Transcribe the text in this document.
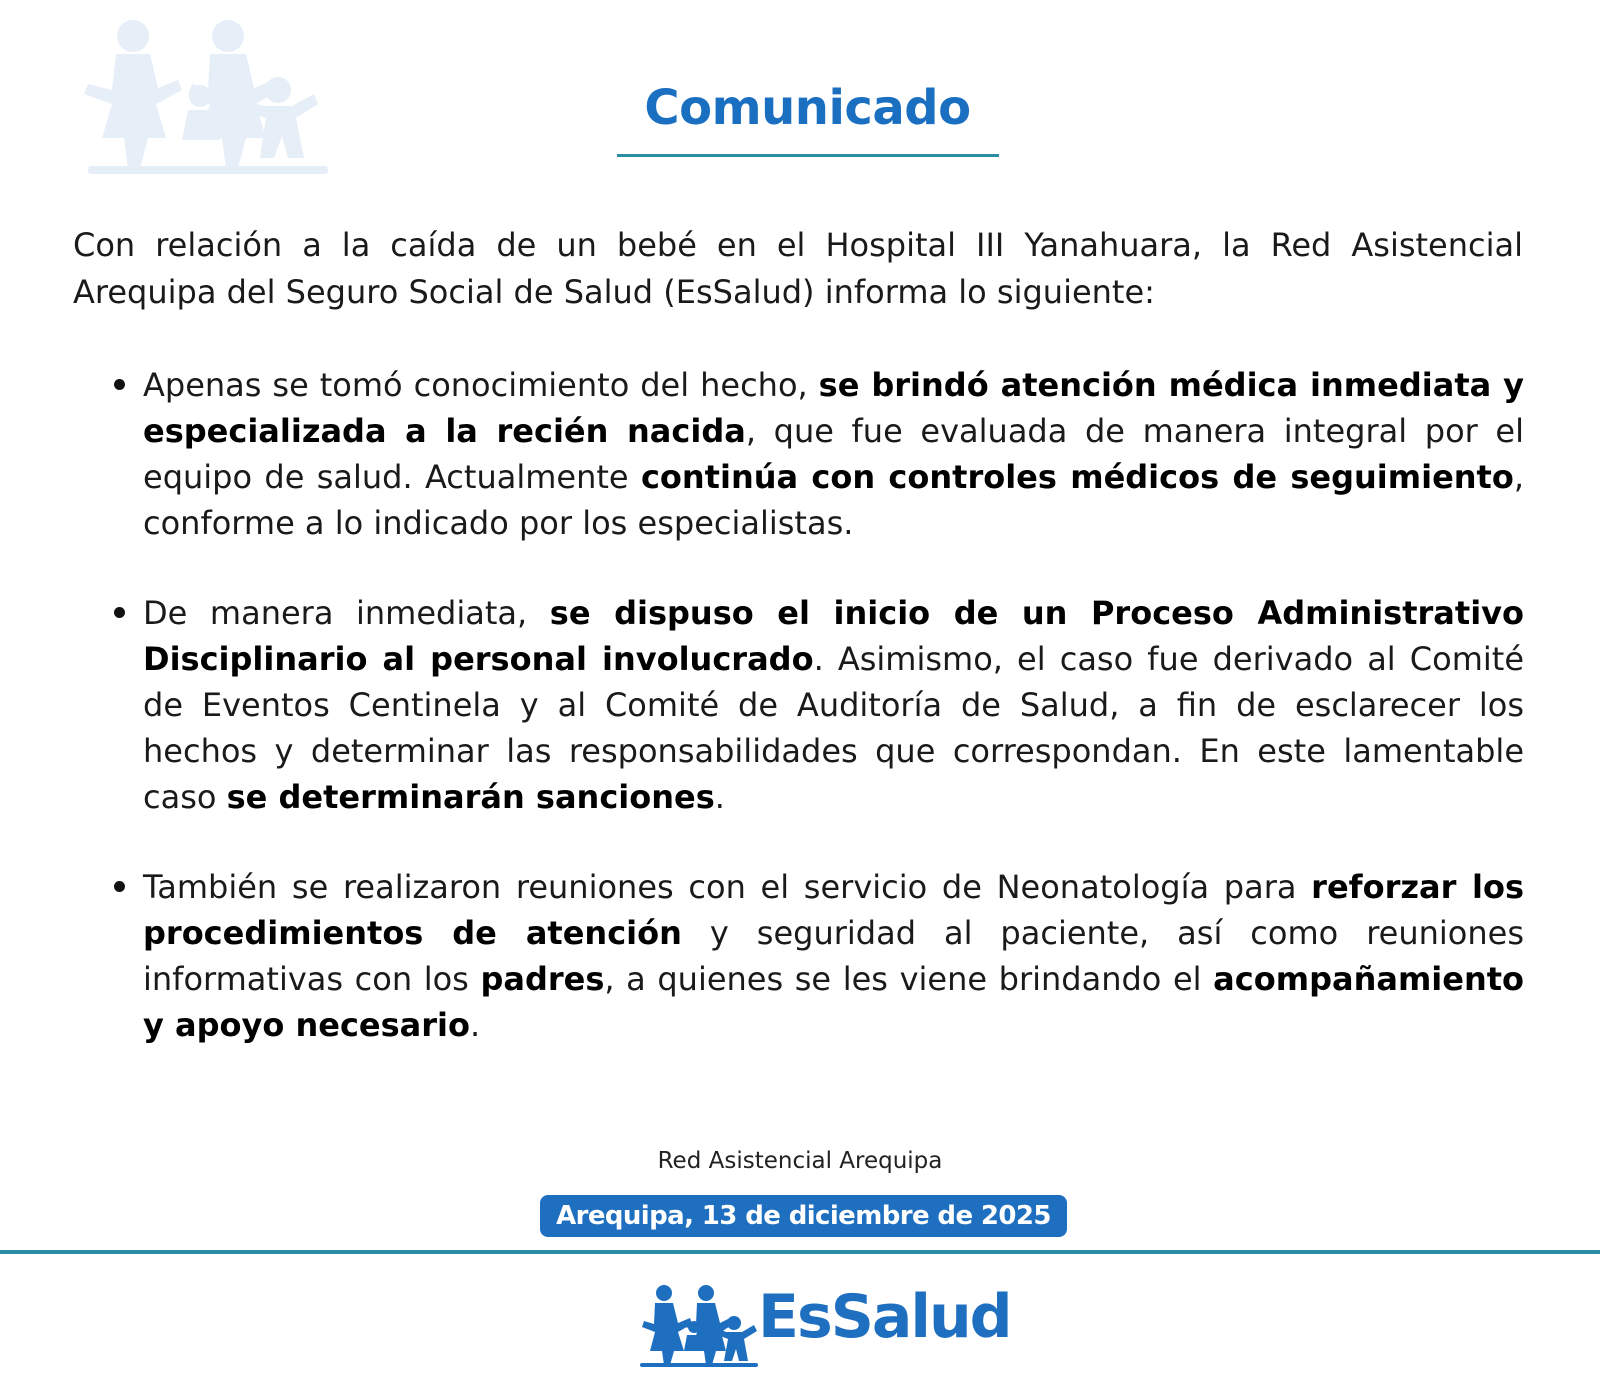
Comunicado
Con relación a la caída de un bebé en el Hospital III Yanahuara, la Red Asistencial Arequipa del Seguro Social de Salud (EsSalud) informa lo siguiente:
Apenas se tomó conocimiento del hecho, se brindó atención médica inmediata y especializada a la recién nacida, que fue evaluada de manera integral por el equipo de salud. Actualmente continúa con controles médicos de seguimiento, conforme a lo indicado por los especialistas.
De manera inmediata, se dispuso el inicio de un Proceso Administrativo Disciplinario al personal involucrado. Asimismo, el caso fue derivado al Comité de Eventos Centinela y al Comité de Auditoría de Salud, a fin de esclarecer los hechos y determinar las responsabilidades que correspondan. En este lamentable caso se determinarán sanciones.
También se realizaron reuniones con el servicio de Neonatología para reforzar los procedimientos de atención y seguridad al paciente, así como reuniones informativas con los padres, a quienes se les viene brindando el acompañamiento y apoyo necesario.
Red Asistencial Arequipa
Arequipa, 13 de diciembre de 2025
EsSalud
